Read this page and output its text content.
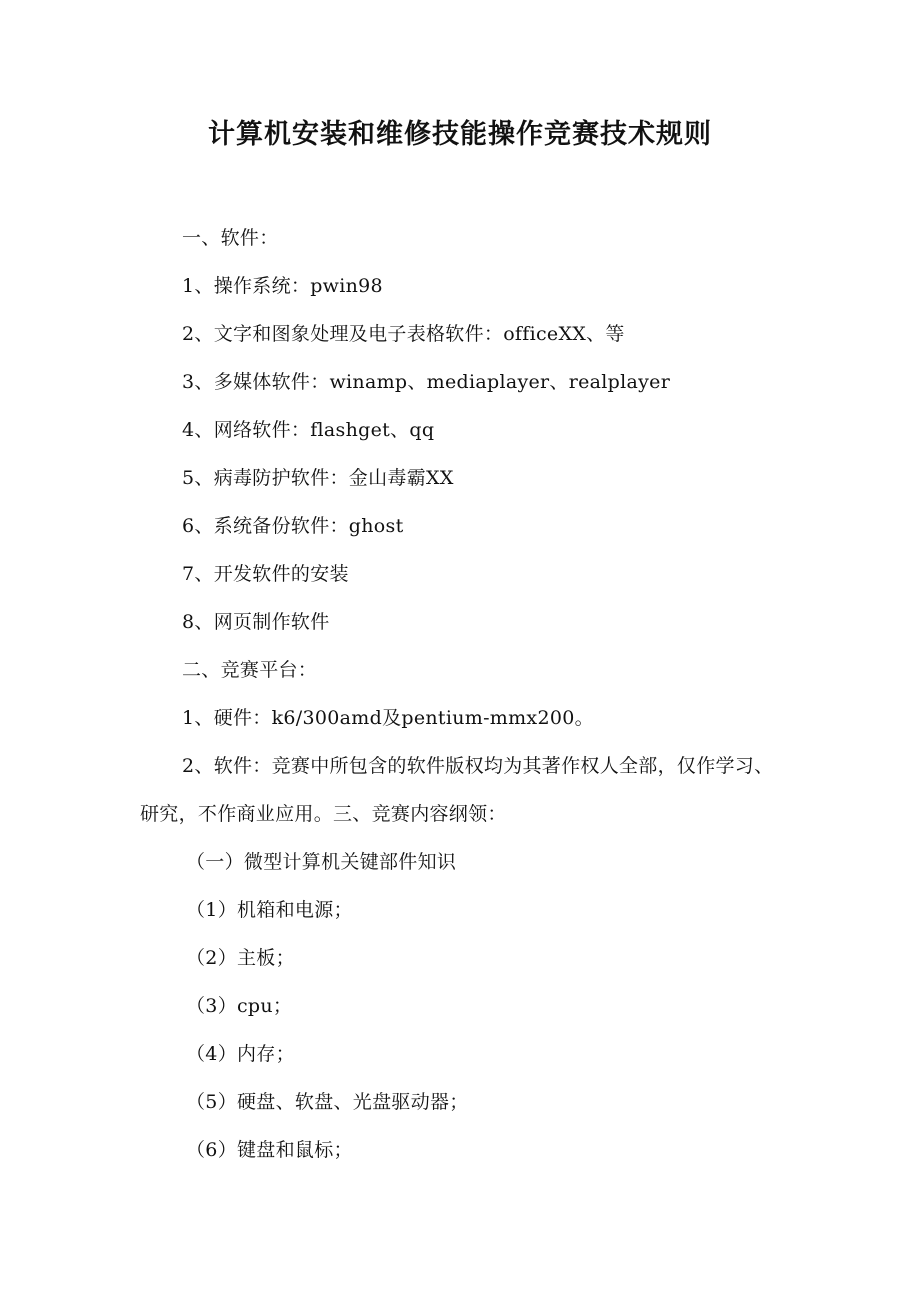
计算机安装和维修技能操作竞赛技术规则

一、软件：

1、操作系统：pwin98

2、文字和图象处理及电子表格软件：officeXX、等

3、多媒体软件：winamp、mediaplayer、realplayer

4、网络软件：flashget、qq

5、病毒防护软件：金山毒霸XX

6、系统备份软件：ghost

7、开发软件的安装

8、网页制作软件

二、竞赛平台：

1、硬件：k6/300amd及pentium-mmx200。

2、软件：竞赛中所包含的软件版权均为其著作权人全部，仅作学习、研究，不作商业应用。三、竞赛内容纲领：

（一）微型计算机关键部件知识

（1）机箱和电源；

（2）主板；

（3）cpu；

（4）内存；

（5）硬盘、软盘、光盘驱动器；

（6）键盘和鼠标；
